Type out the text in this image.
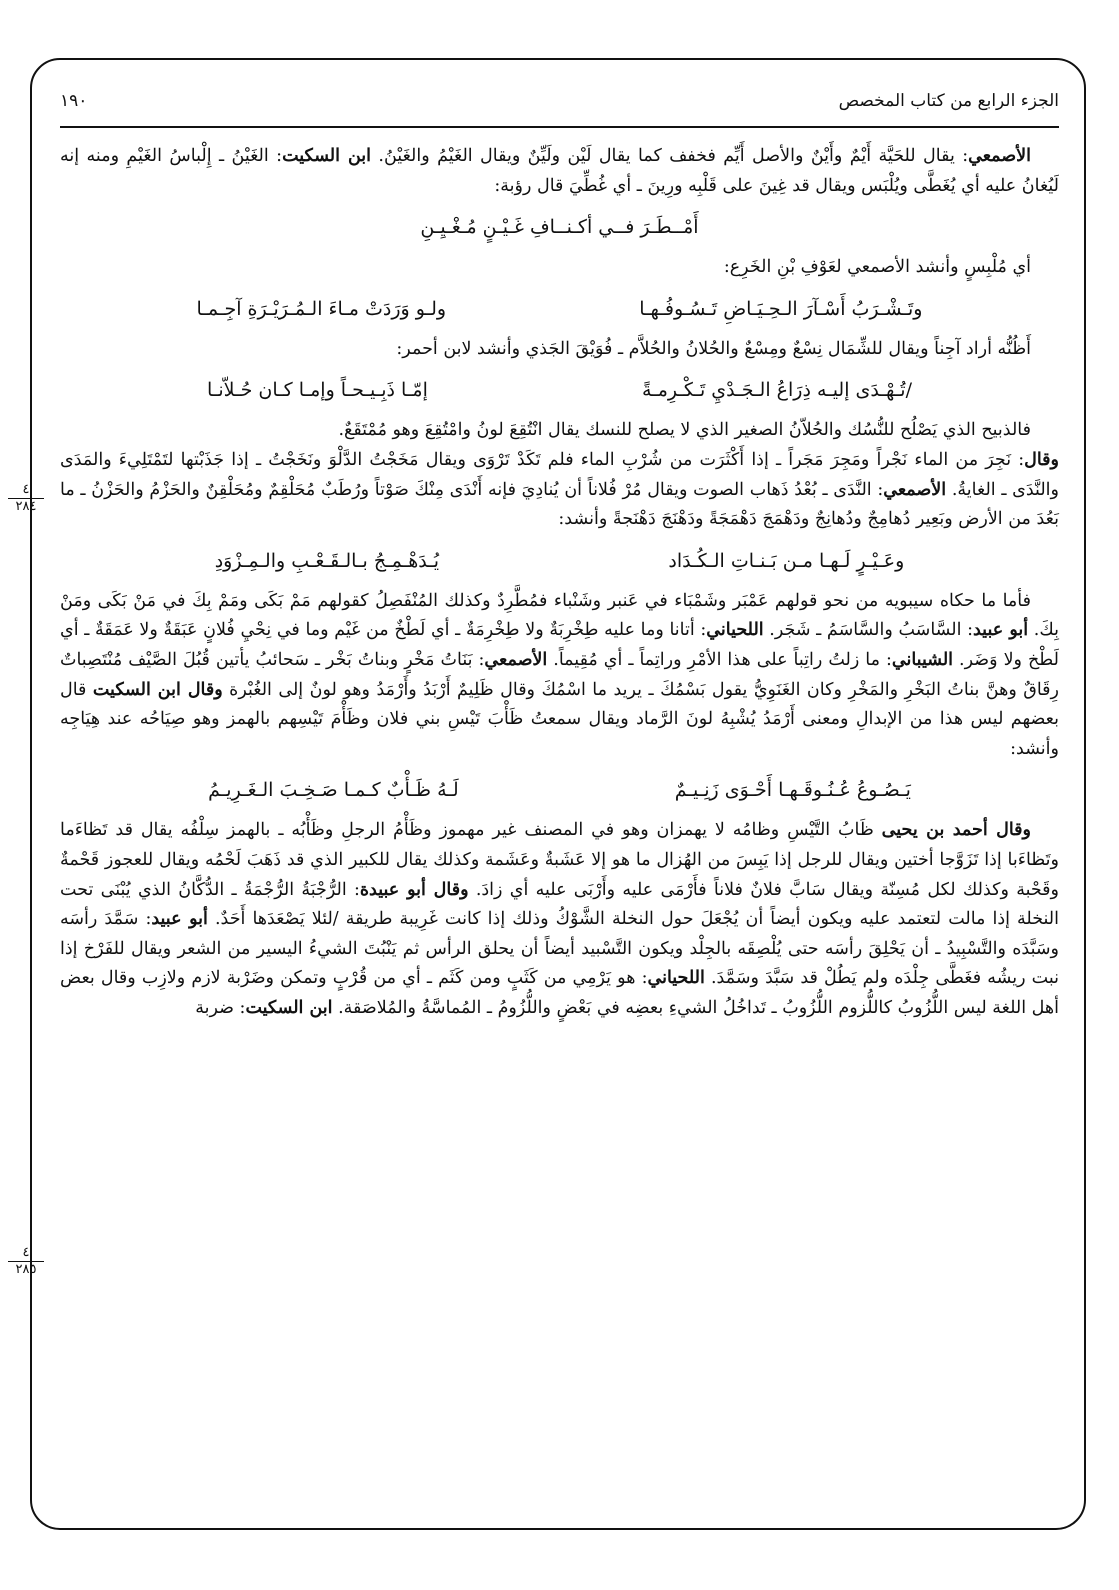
الجزء الرابع من كتاب المخصص
١٩٠
٤
٢٨٤
٤
٢٨٥

الأصمعي: يقال للحَيَّة أَيْمٌ وأَيْنٌ والأصل أَيِّم فخفف كما يقال لَيْن ولَيِّنٌ ويقال الغَيْمُ والغَيْنُ. ابن السكيت: الغَيْنُ ـ إِلْباسُ الغَيْمِ ومنه إنه لَيُغانُ عليه أي يُغَطَّى ويُلْبَس ويقال قد غِينَ على قَلْبِه ورِينَ ـ أي غُطِّيَ قال رؤبة:

أَمْــطَـرَ فــي أكـنــافِ غَـيْـنٍ مُـغْـيِـنِ

أي مُلْبِسٍ وأنشد الأصمعي لعَوْفِ بْنِ الخَرِع:

وتَـشْـرَبُ أَسْـآرَ الـحِـيَـاضِ تَـسُـوفُـهـا
ولـو وَرَدَتْ مـاءَ الـمُـرَيْـرَةِ آجِـمـا

أَظُنُّه أراد آجِناً ويقال للشِّمَال نِسْعٌ ومِسْعٌ والحُلانُ والحُلاَّم ـ فُوَيْقَ الجَذي وأنشد لابن أحمر:

/تُـهْـدَى إليـه ذِرَاعُ الـجَـدْيِ تَـكْـرِمـةً
إمّـا ذَبِـيـحـاً وإمـا كـان حُـلاّنـا

فالذبيح الذي يَصْلُح للنُّسُك والحُلاّنُ الصغير الذي لا يصلح للنسك يقال انْتُقِعَ لونُ وامْتُقِعَ وهو مُمْتَقَعٌ.

وقال: نَجِرَ من الماء نَجْراً ومَجِرَ مَجَراً ـ إذا أَكْثَرَت من شُرْبِ الماء فلم تَكَدْ تَرْوَى ويقال مَخَجْتُ الدَّلْوَ ونَخَجْتُ ـ إذا جَذَبْتها لتَمْتَلِيءَ والمَدَى والنَّدَى ـ الغايةُ. الأصمعي: النَّدَى ـ بُعْدُ ذَهاب الصوت ويقال مُرْ فُلاناً أن يُنادِيَ فإنه أَنْدَى مِنْكَ صَوْتاً ورُطَبٌ مُحَلْقِمٌ ومُحَلْقِنٌ والحَزْمُ والحَزْنُ ـ ما بَعُدَ من الأرض وبَعِير دُهامِجٌ ودُهانِجٌ ودَهْمَجَ دَهْمَجَةً ودَهْنَجَ دَهْنَجةً وأنشد:

وعَـيْـرٍ لَـهـا مـن بَـنـاتِ الـكُـدَاد
يُـدَهْـمِـجُ بـالـقَـعْـبِ والـمِـزْوَدِ

فأما ما حكاه سيبويه من نحو قولهم عَمْبَر وشَمْبَاء في عَنبر وشَنْباء فمُطَّرِدٌ وكذلك المُنْفَصِلُ كقولهم مَمْ بَكَى ومَمْ بِكَ في مَنْ بَكَى ومَنْ بِكَ. أبو عبيد: السَّاسَبُ والسَّاسَمُ ـ شَجَر. اللحياني: أتانا وما عليه طِخْرِبَةٌ ولا طِخْرِمَةٌ ـ أي لَطْخٌ من غَيْم وما في نِحْيِ فُلانٍ عَبَقَةٌ ولا عَمَقَةٌ ـ أي لَطْخ ولا وَضَر. الشيباني: ما زلتُ راتِباً على هذا الأمْرِ وراتِماً ـ أي مُقِيماً. الأصمعي: بَنَاتُ مَخْرٍ وبناتُ بَخْر ـ سَحائبُ يأتين قُبُلَ الصَّيْف مُنْتَصِباتٌ رِقَاقٌ وهنَّ بناتُ البَخْرِ والمَخْرِ وكان الغَنَوِيُّ يقول بَسْمُكَ ـ يريد ما اسْمُكَ وقال ظَلِيمٌ أَرْبَدُ وأَرْمَدُ وهو لونٌ إلى الغُبْرة وقال ابن السكيت قال بعضهم ليس هذا من الإبدالِ ومعنى أَرْمَدُ يُشْبِهُ لونَ الرَّماد ويقال سمعتُ ظَأْبَ تَيْسِ بني فلان وظَأْمَ تَيْسِهم بالهمز وهو صِيَاحُه عند هِيَاجِه وأنشد:

يَـصُـوعُ عُـنُـوقَـهـا أَحْـوَى زَنِـيـمٌ
لَـهُ ظَـأْبٌ كـمـا صَـخِـبَ الـغَـرِيـمُ

وقال أحمد بن يحيى ظَابُ التَّيْسِ وظامُه لا يهمزان وهو في المصنف غير مهموز وظَأْمُ الرجلِ وظَأْبُه ـ بالهمز سِلْفُه يقال قد تَظاءَما وتَظاءَبا إذا تَزَوَّجا أختين ويقال للرجل إذا يَبِسَ من الهُزال ما هو إلا عَشَبةٌ وعَشَمة وكذلك يقال للكبير الذي قد ذَهَبَ لَحْمُه ويقال للعجوز قَحْمةٌ وقَحْبة وكذلك لكل مُسِنّة ويقال سَابَّ فلانٌ فلاناً فأَرْمَى عليه وأَرْبَى عليه أي زادَ. وقال أبو عبيدة: الرُّجْبَةُ الرُّجْمَةُ ـ الدُّكَّانُ الذي يُبْنَى تحت النخلة إذا مالت لتعتمد عليه ويكون أيضاً أن يُجْعَلَ حول النخلة الشَّوْكُ وذلك إذا كانت غَرِيبة طريقة /لئلا يَصْعَدَها أَحَدٌ. أبو عبيد: سَمَّدَ رأسَه وسَبَّدَه والتَّسْبِيدُ ـ أن يَحْلِقَ رأسَه حتى يُلْصِقَه بالجِلْد ويكون التَّسْبيد أيضاً أن يحلق الرأس ثم يَنْبُتَ الشيءُ اليسير من الشعر ويقال للفَرْخ إذا نبت ريشُه فغَطَّى جِلْدَه ولم يَطُلْ قد سَبَّدَ وسَمَّدَ. اللحياني: هو يَرْمِي من كَثَبٍ ومن كَثَم ـ أي من قُرْبٍ وتمكن وضَرْبة لازم ولازِب وقال بعض أهل اللغة ليس اللُّزُوبُ كاللُّزوم اللُّزُوبُ ـ تَداخُلُ الشيءِ بعضِه في بَعْضٍ واللُّزُومُ ـ المُماسَّةُ والمُلاصَقة. ابن السكيت: ضربة
